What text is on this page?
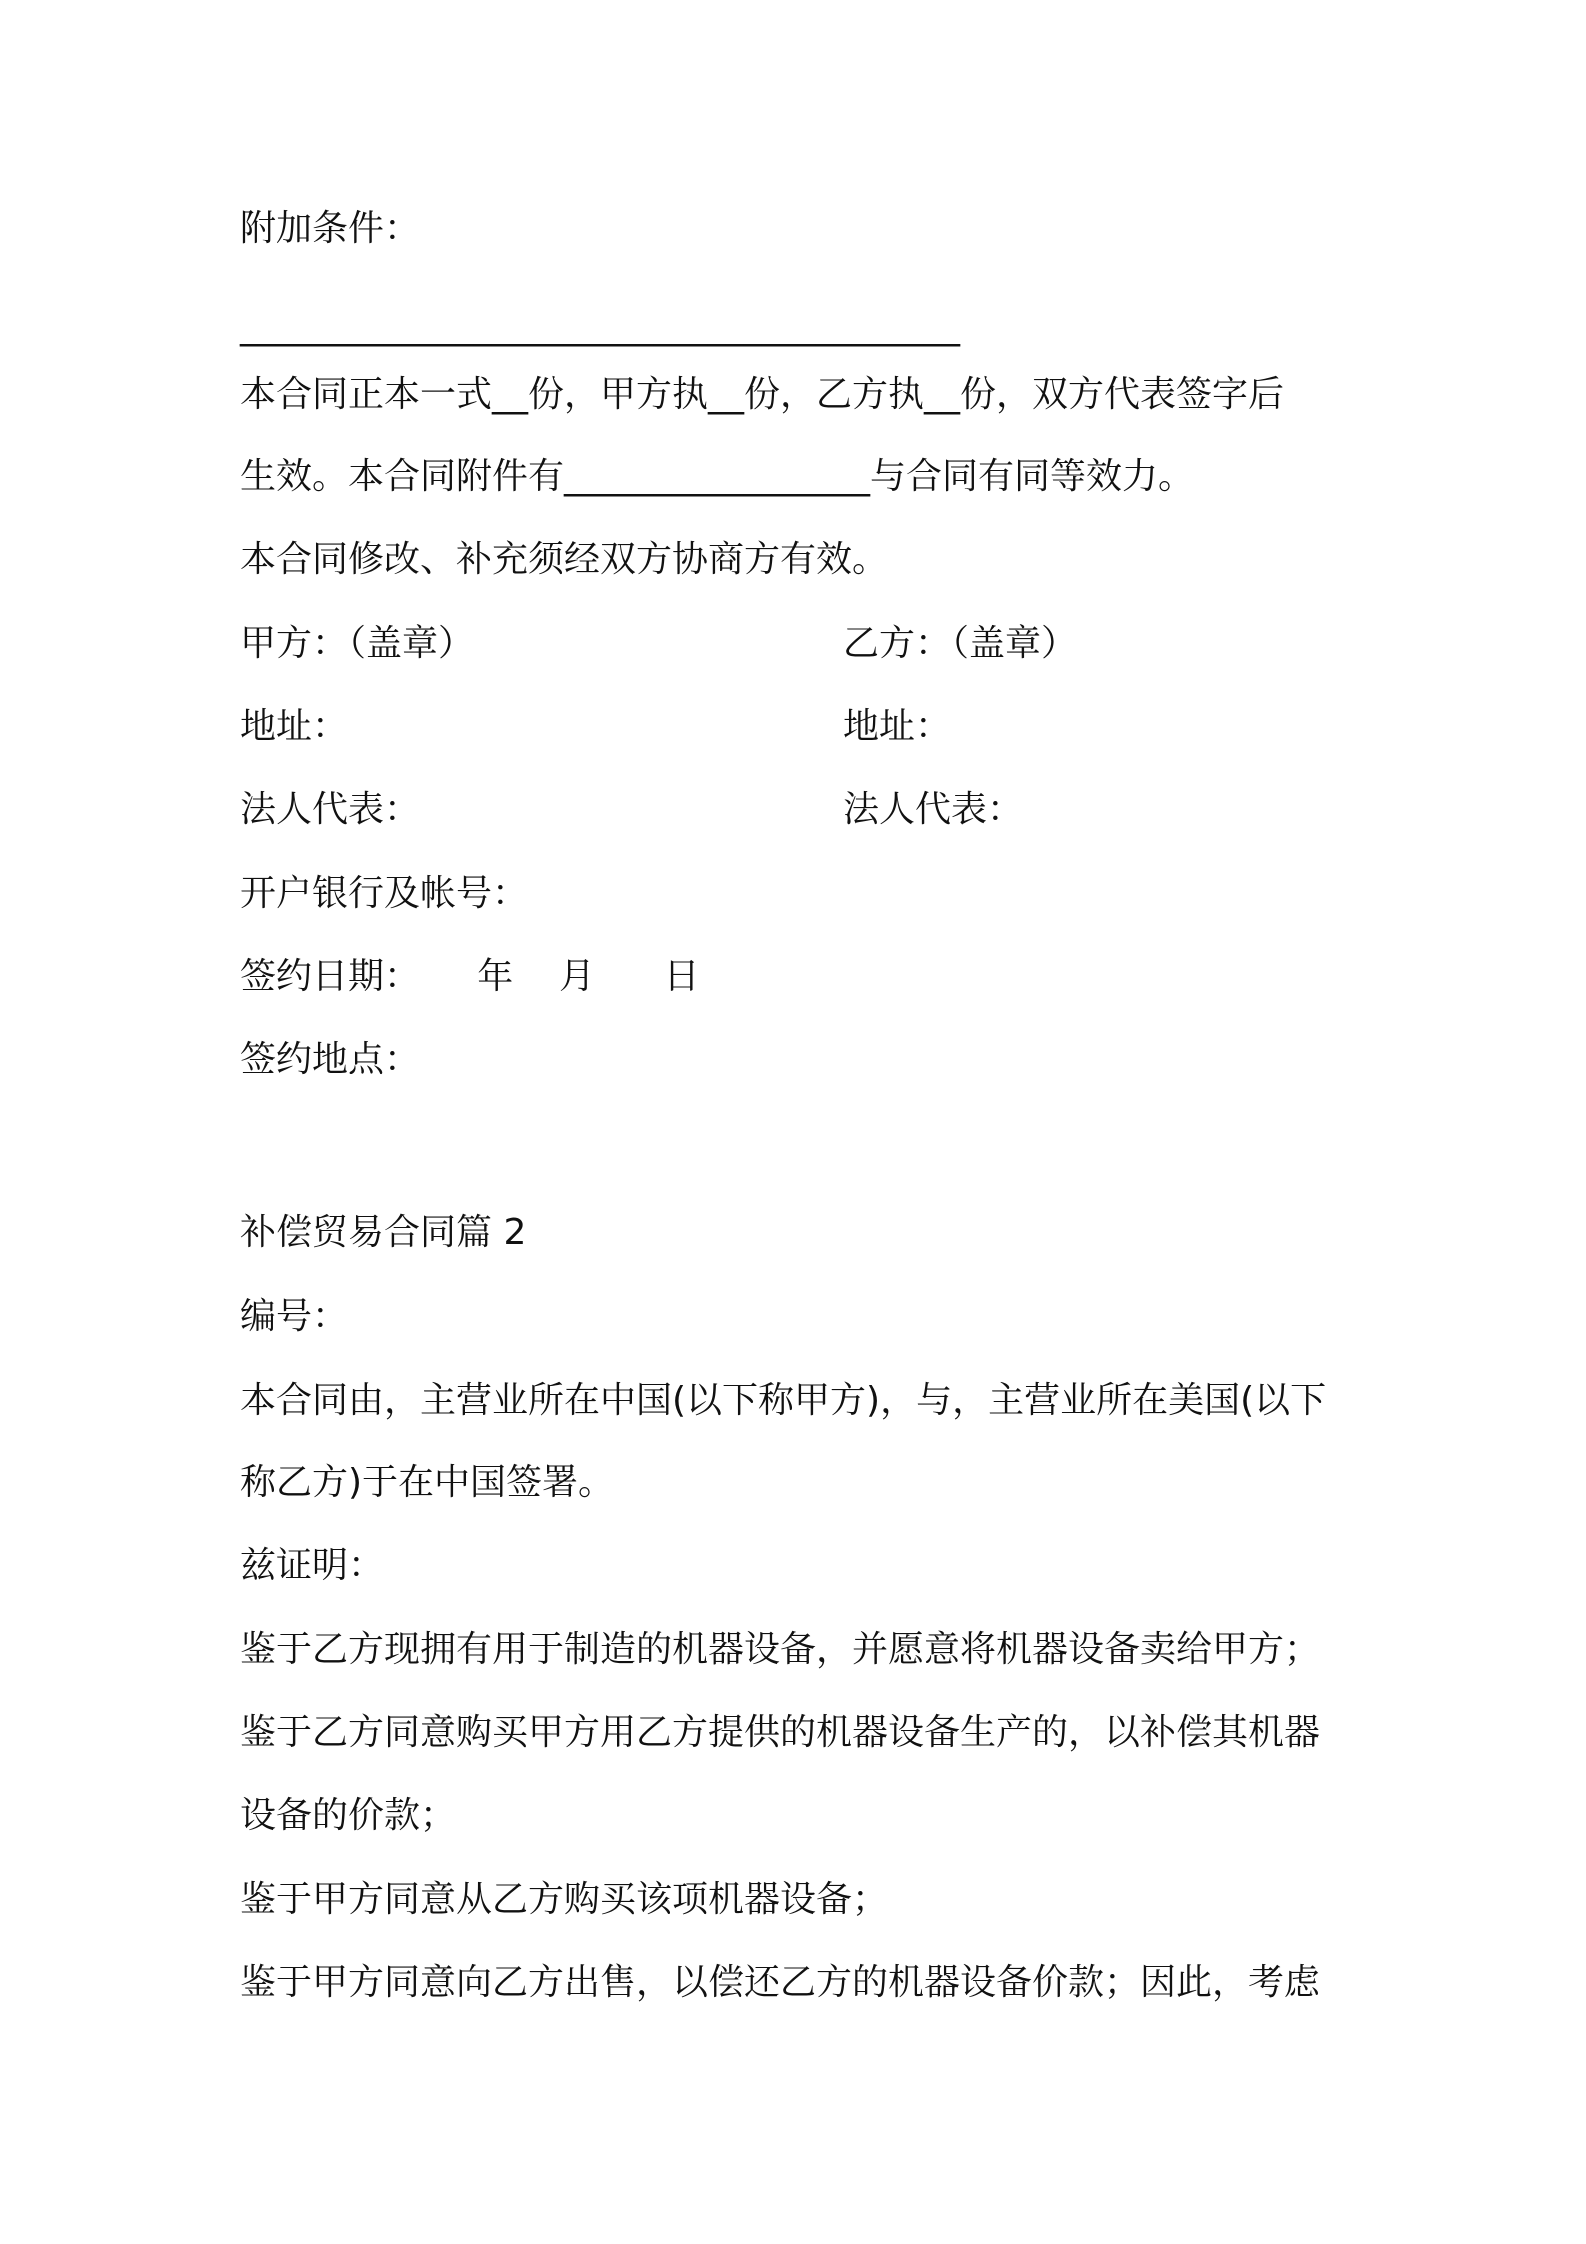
附加条件：
________________________________________
本合同正本一式__份，甲方执__份，乙方执__份，双方代表签字后
生效。本合同附件有_________________与合同有同等效力。
本合同修改、补充须经双方协商方有效。
甲方：（盖章）	乙方：（盖章）
地址：	地址：
法人代表：	法人代表：
开户银行及帐号：
签约日期：     年    月      日
签约地点：
补偿贸易合同篇 2
编号：
本合同由，主营业所在中国(以下称甲方)，与，主营业所在美国(以下
称乙方)于在中国签署。
兹证明：
鉴于乙方现拥有用于制造的机器设备，并愿意将机器设备卖给甲方；
鉴于乙方同意购买甲方用乙方提供的机器设备生产的，以补偿其机器
设备的价款；
鉴于甲方同意从乙方购买该项机器设备；
鉴于甲方同意向乙方出售，以偿还乙方的机器设备价款；因此，考虑
